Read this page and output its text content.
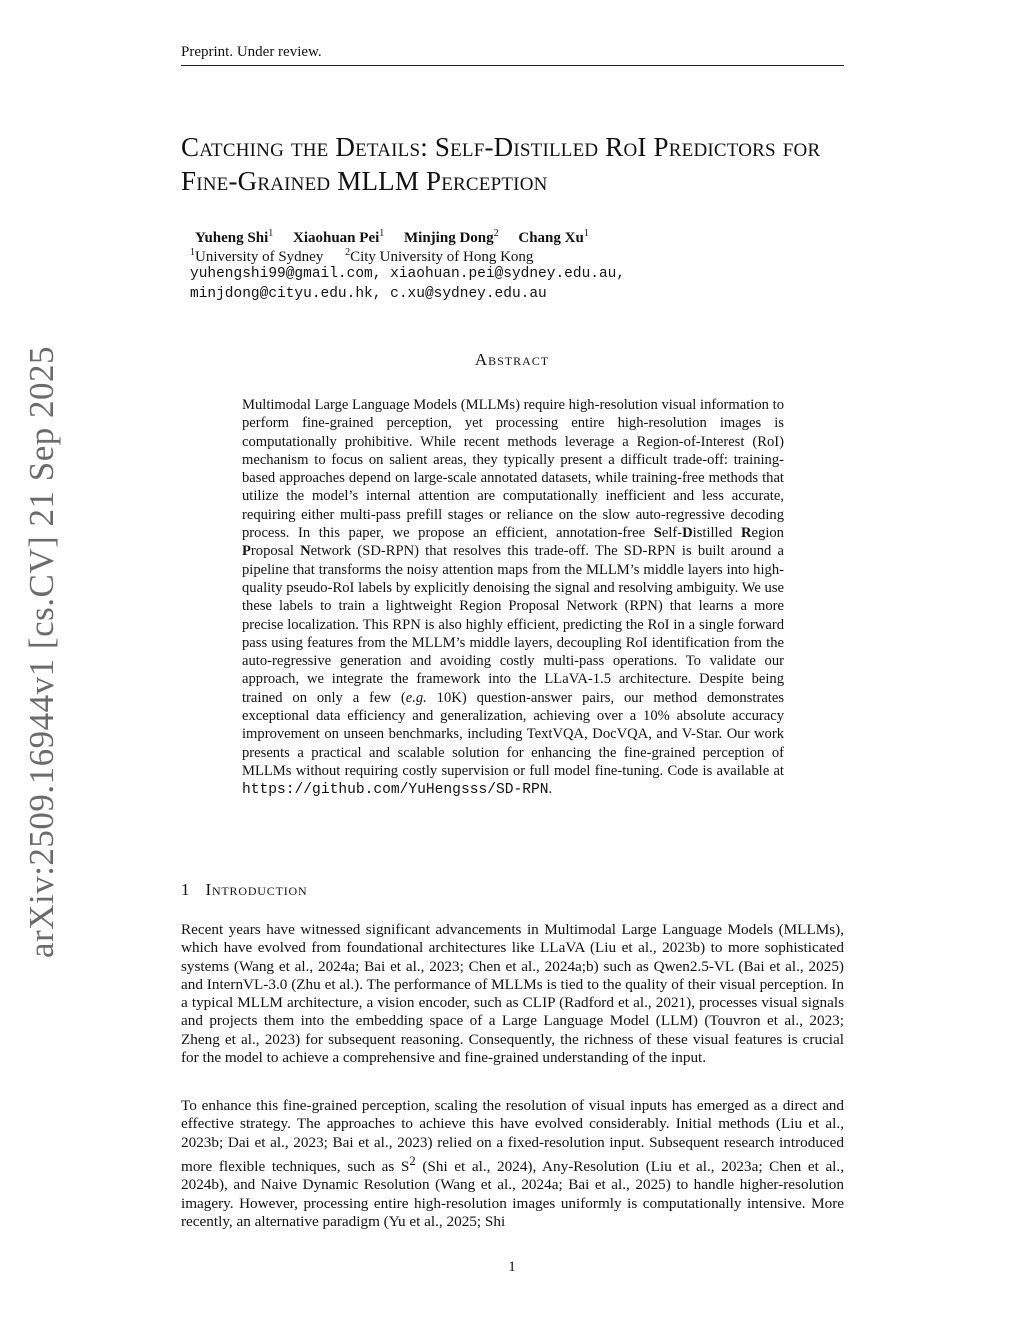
Preprint. Under review.
arXiv:2509.16944v1 [cs.CV] 21 Sep 2025
Catching the Details: Self-Distilled RoI Predictors for Fine-Grained MLLM Perception
Yuheng Shi$^1$ Xiaohuan Pei$^1$ Minjing Dong$^2$ Chang Xu$^1$
$^1$University of Sydney $^2$City University of Hong Kong
yuhengshi99@gmail.com, xiaohuan.pei@sydney.edu.au,
minjdong@cityu.edu.hk, c.xu@sydney.edu.au
Abstract

Multimodal Large Language Models (MLLMs) require high-resolution visual information to perform fine-grained perception, yet processing entire high-resolution images is computationally prohibitive. While recent methods leverage a Region-of-Interest (RoI) mechanism to focus on salient areas, they typically present a difficult trade-off: training-based approaches depend on large-scale annotated datasets, while training-free methods that utilize the model’s internal attention are computationally inefficient and less accurate, requiring either multi-pass prefill stages or reliance on the slow auto-regressive decoding process. In this paper, we propose an efficient, annotation-free Self-Distilled Region Proposal Network (SD-RPN) that resolves this trade-off. The SD-RPN is built around a pipeline that transforms the noisy attention maps from the MLLM’s middle layers into high-quality pseudo-RoI labels by explicitly denoising the signal and resolving ambiguity. We use these labels to train a lightweight Region Proposal Network (RPN) that learns a more precise localization. This RPN is also highly efficient, predicting the RoI in a single forward pass using features from the MLLM’s middle layers, decoupling RoI identification from the auto-regressive generation and avoiding costly multi-pass operations. To validate our approach, we integrate the framework into the LLaVA-1.5 architecture. Despite being trained on only a few (e.g. 10K) question-answer pairs, our method demonstrates exceptional data efficiency and generalization, achieving over a 10% absolute accuracy improvement on unseen benchmarks, including TextVQA, DocVQA, and V-Star. Our work presents a practical and scalable solution for enhancing the fine-grained perception of MLLMs without requiring costly supervision or full model fine-tuning. Code is available at https://github.com/YuHengsss/SD-RPN.

1 Introduction

Recent years have witnessed significant advancements in Multimodal Large Language Models (MLLMs), which have evolved from foundational architectures like LLaVA (Liu et al., 2023b) to more sophisticated systems (Wang et al., 2024a; Bai et al., 2023; Chen et al., 2024a;b) such as Qwen2.5-VL (Bai et al., 2025) and InternVL-3.0 (Zhu et al.). The performance of MLLMs is tied to the quality of their visual perception. In a typical MLLM architecture, a vision encoder, such as CLIP (Radford et al., 2021), processes visual signals and projects them into the embedding space of a Large Language Model (LLM) (Touvron et al., 2023; Zheng et al., 2023) for subsequent reasoning. Consequently, the richness of these visual features is crucial for the model to achieve a comprehensive and fine-grained understanding of the input.

To enhance this fine-grained perception, scaling the resolution of visual inputs has emerged as a direct and effective strategy. The approaches to achieve this have evolved considerably. Initial methods (Liu et al., 2023b; Dai et al., 2023; Bai et al., 2023) relied on a fixed-resolution input. Subsequent research introduced more flexible techniques, such as $S^2$ (Shi et al., 2024), Any-Resolution (Liu et al., 2023a; Chen et al., 2024b), and Naive Dynamic Resolution (Wang et al., 2024a; Bai et al., 2025) to handle higher-resolution imagery. However, processing entire high-resolution images uniformly is computationally intensive. More recently, an alternative paradigm (Yu et al., 2025; Shi

1
